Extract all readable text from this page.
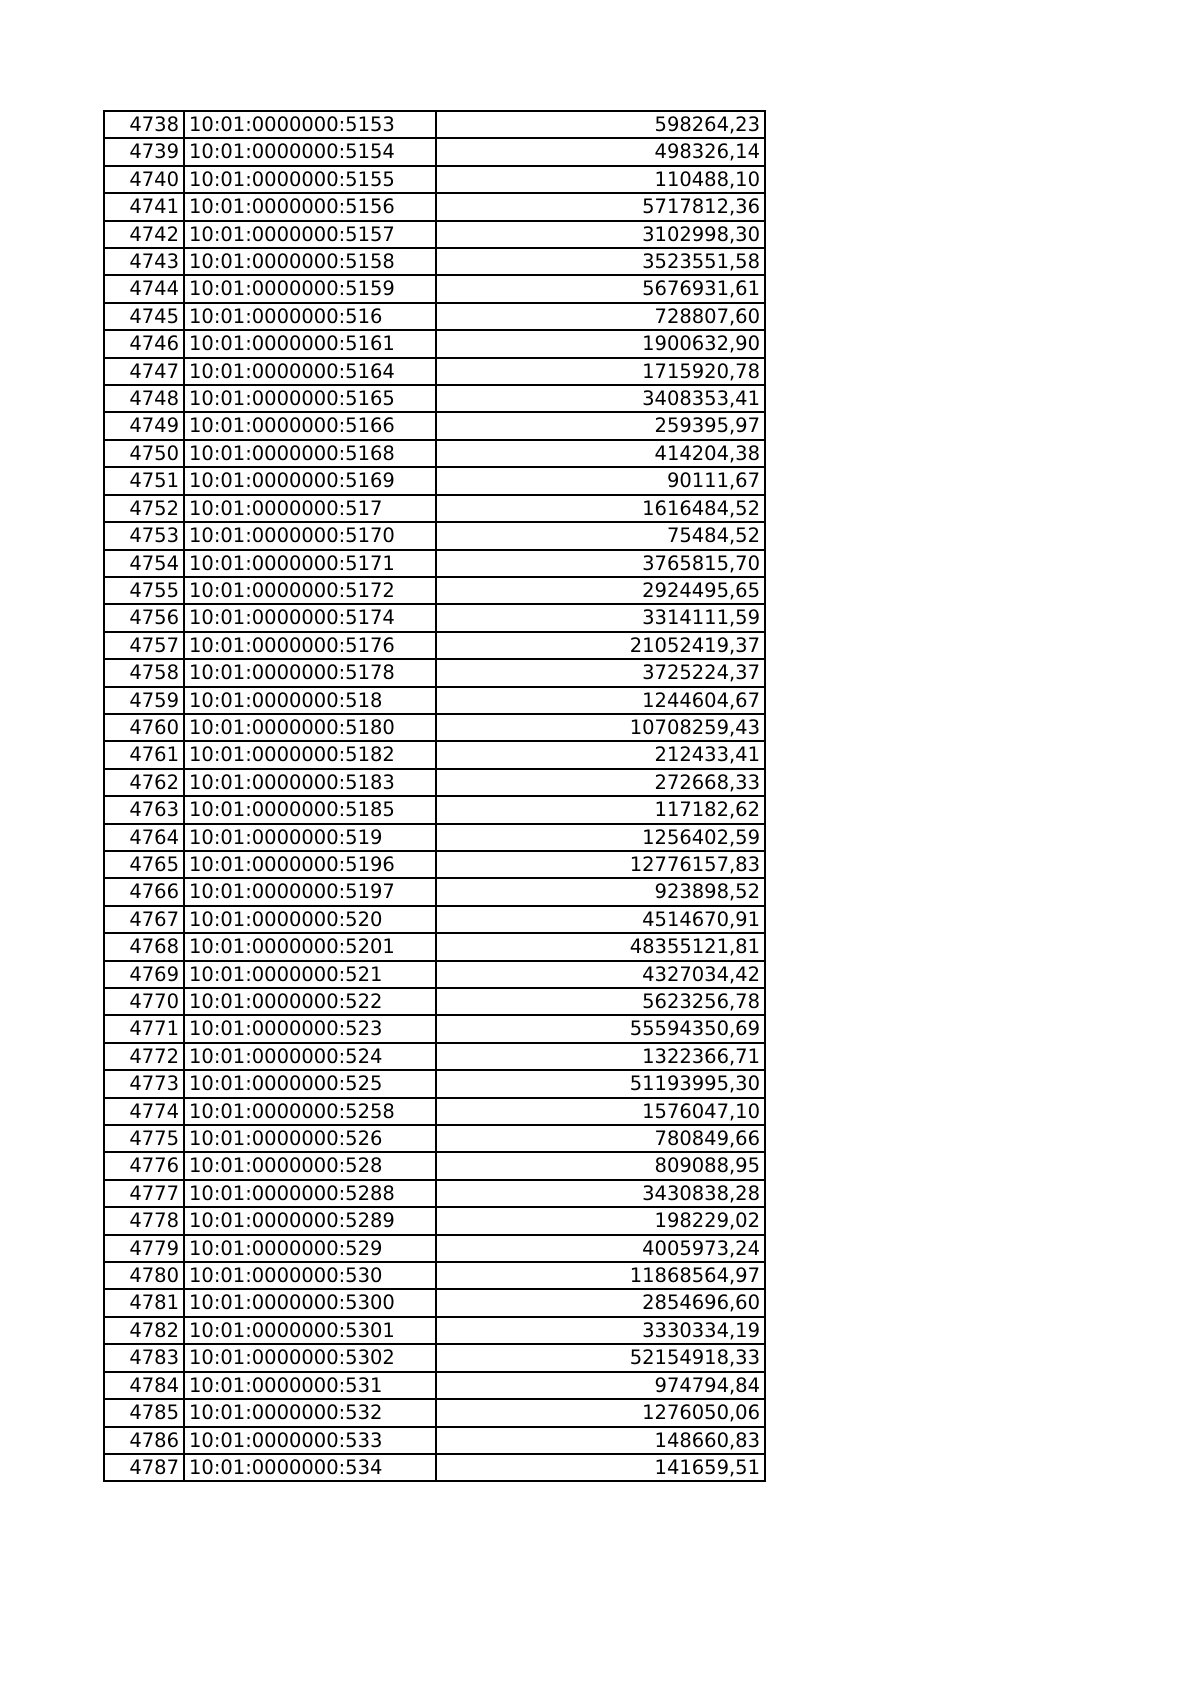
4738	10:01:0000000:5153	598264,23
4739	10:01:0000000:5154	498326,14
4740	10:01:0000000:5155	110488,10
4741	10:01:0000000:5156	5717812,36
4742	10:01:0000000:5157	3102998,30
4743	10:01:0000000:5158	3523551,58
4744	10:01:0000000:5159	5676931,61
4745	10:01:0000000:516	728807,60
4746	10:01:0000000:5161	1900632,90
4747	10:01:0000000:5164	1715920,78
4748	10:01:0000000:5165	3408353,41
4749	10:01:0000000:5166	259395,97
4750	10:01:0000000:5168	414204,38
4751	10:01:0000000:5169	90111,67
4752	10:01:0000000:517	1616484,52
4753	10:01:0000000:5170	75484,52
4754	10:01:0000000:5171	3765815,70
4755	10:01:0000000:5172	2924495,65
4756	10:01:0000000:5174	3314111,59
4757	10:01:0000000:5176	21052419,37
4758	10:01:0000000:5178	3725224,37
4759	10:01:0000000:518	1244604,67
4760	10:01:0000000:5180	10708259,43
4761	10:01:0000000:5182	212433,41
4762	10:01:0000000:5183	272668,33
4763	10:01:0000000:5185	117182,62
4764	10:01:0000000:519	1256402,59
4765	10:01:0000000:5196	12776157,83
4766	10:01:0000000:5197	923898,52
4767	10:01:0000000:520	4514670,91
4768	10:01:0000000:5201	48355121,81
4769	10:01:0000000:521	4327034,42
4770	10:01:0000000:522	5623256,78
4771	10:01:0000000:523	55594350,69
4772	10:01:0000000:524	1322366,71
4773	10:01:0000000:525	51193995,30
4774	10:01:0000000:5258	1576047,10
4775	10:01:0000000:526	780849,66
4776	10:01:0000000:528	809088,95
4777	10:01:0000000:5288	3430838,28
4778	10:01:0000000:5289	198229,02
4779	10:01:0000000:529	4005973,24
4780	10:01:0000000:530	11868564,97
4781	10:01:0000000:5300	2854696,60
4782	10:01:0000000:5301	3330334,19
4783	10:01:0000000:5302	52154918,33
4784	10:01:0000000:531	974794,84
4785	10:01:0000000:532	1276050,06
4786	10:01:0000000:533	148660,83
4787	10:01:0000000:534	141659,51
